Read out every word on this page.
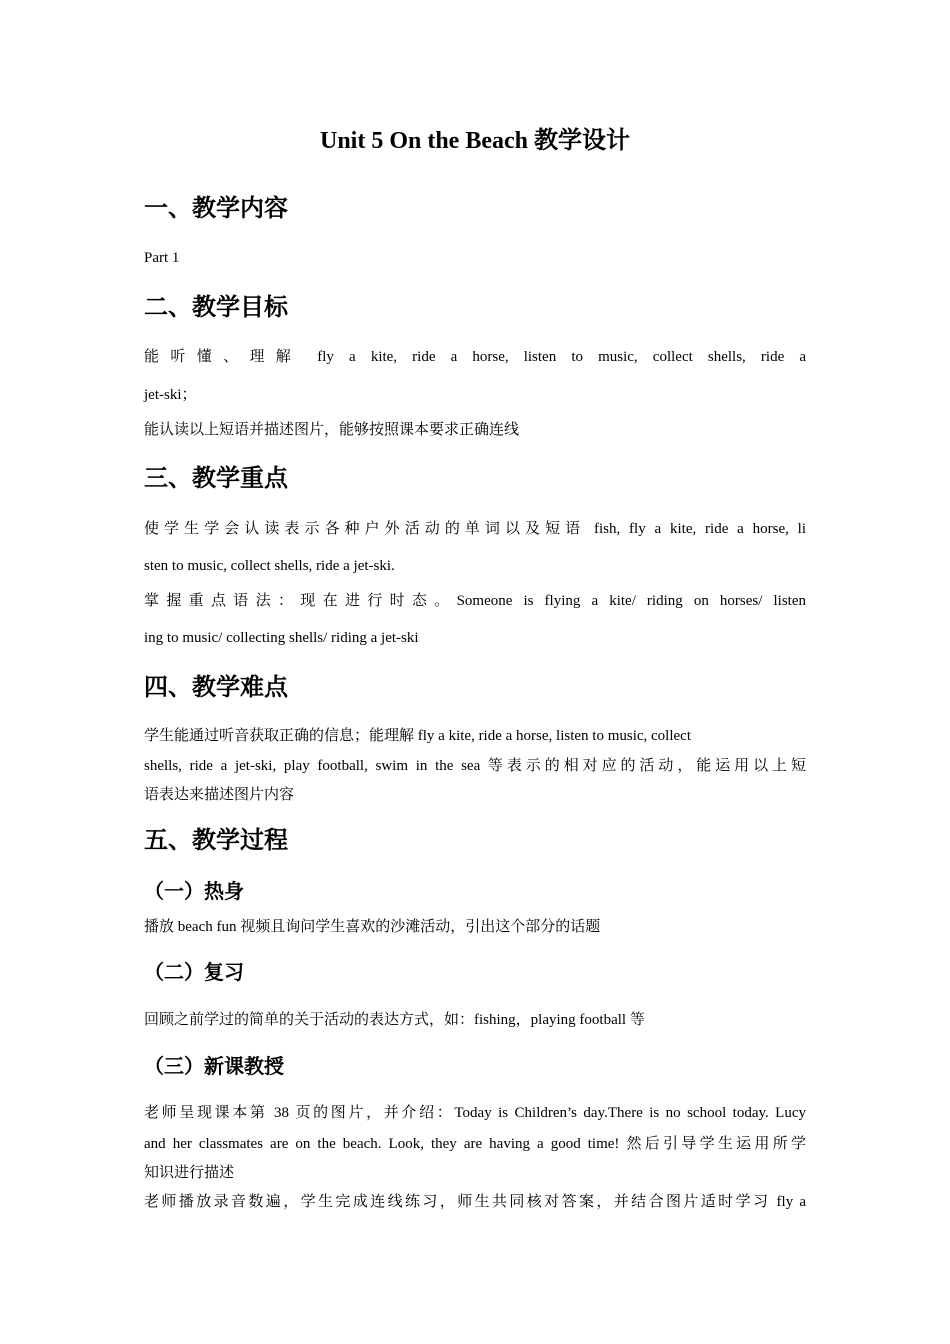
Unit 5 On the Beach 教学设计
一、教学内容
Part 1
二、教学目标
能听懂、理解 fly a kite, ride a horse, listen to music, collect shells, ride a
jet-ski；
能认读以上短语并描述图片，能够按照课本要求正确连线
三、教学重点
使学生学会认读表示各种户外活动的单词以及短语 fish, fly a kite, ride a horse, li
sten to music, collect shells, ride a jet-ski.
掌握重点语法：现在进行时态。Someone is flying a kite/ riding on horses/ listen
ing to music/ collecting shells/ riding a jet-ski
四、教学难点
学生能通过听音获取正确的信息；能理解 fly a kite, ride a horse, listen to music, collect
shells, ride a jet-ski, play football, swim in the sea 等表示的相对应的活动，能运用以上短
语表达来描述图片内容
五、教学过程
（一）热身
播放 beach fun 视频且询问学生喜欢的沙滩活动，引出这个部分的话题
（二）复习
回顾之前学过的简单的关于活动的表达方式，如：fishing，playing football 等
（三）新课教授
老师呈现课本第 38 页的图片，并介绍：Today is Children’s day.There is no school today. Lucy
and her classmates are on the beach. Look, they are having a good time! 然后引导学生运用所学
知识进行描述
老师播放录音数遍，学生完成连线练习，师生共同核对答案，并结合图片适时学习 fly a
